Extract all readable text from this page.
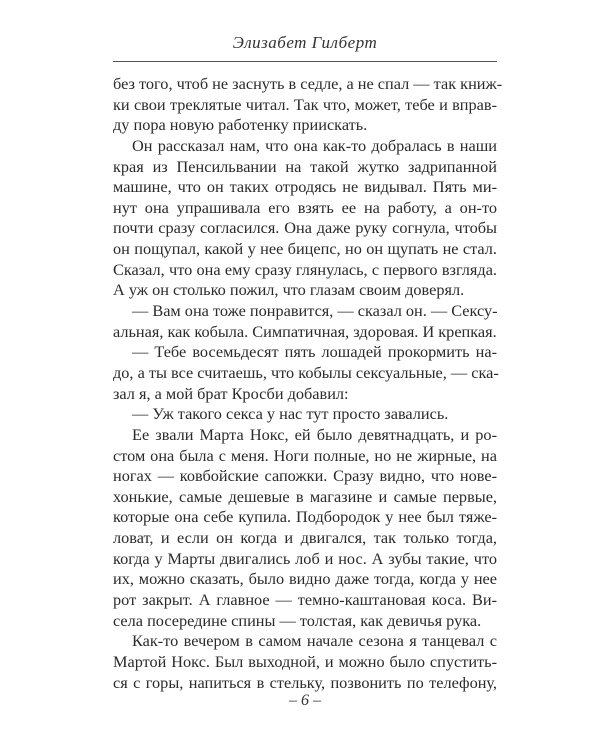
Элизабет Гилберт
без того, чтоб не заснуть в седле, а не спал — так книж-
ки свои треклятые читал. Так что, может, тебе и вправ-
ду пора новую работенку приискать.
Он рассказал нам, что она как-то добралась в наши
края из Пенсильвании на такой жутко задрипанной
машине, что он таких отродясь не видывал. Пять ми-
нут она упрашивала его взять ее на работу, а он-то
почти сразу согласился. Она даже руку согнула, чтобы
он пощупал, какой у нее бицепс, но он щупать не стал.
Сказал, что она ему сразу глянулась, с первого взгляда.
А уж он столько пожил, что глазам своим доверял.
— Вам она тоже понравится, — сказал он. — Сексу-
альная, как кобыла. Симпатичная, здоровая. И крепкая.
— Тебе восемьдесят пять лошадей прокормить на-
до, а ты все считаешь, что кобылы сексуальные, — ска-
зал я, а мой брат Кросби добавил:
— Уж такого секса у нас тут просто завались.
Ее звали Марта Нокс, ей было девятнадцать, и ро-
стом она была с меня. Ноги полные, но не жирные, на
ногах — ковбойские сапожки. Сразу видно, что нове-
хонькие, самые дешевые в магазине и самые первые,
которые она себе купила. Подбородок у нее был тяже-
ловат, и если он когда и двигался, так только тогда,
когда у Марты двигались лоб и нос. А зубы такие, что
их, можно сказать, было видно даже тогда, когда у нее
рот закрыт. А главное — темно-каштановая коса. Ви-
села посередине спины — толстая, как девичья рука.
Как-то вечером в самом начале сезона я танцевал с
Мартой Нокс. Был выходной, и можно было спустить-
ся с горы, напиться в стельку, позвонить по телефону,
– 6 –
